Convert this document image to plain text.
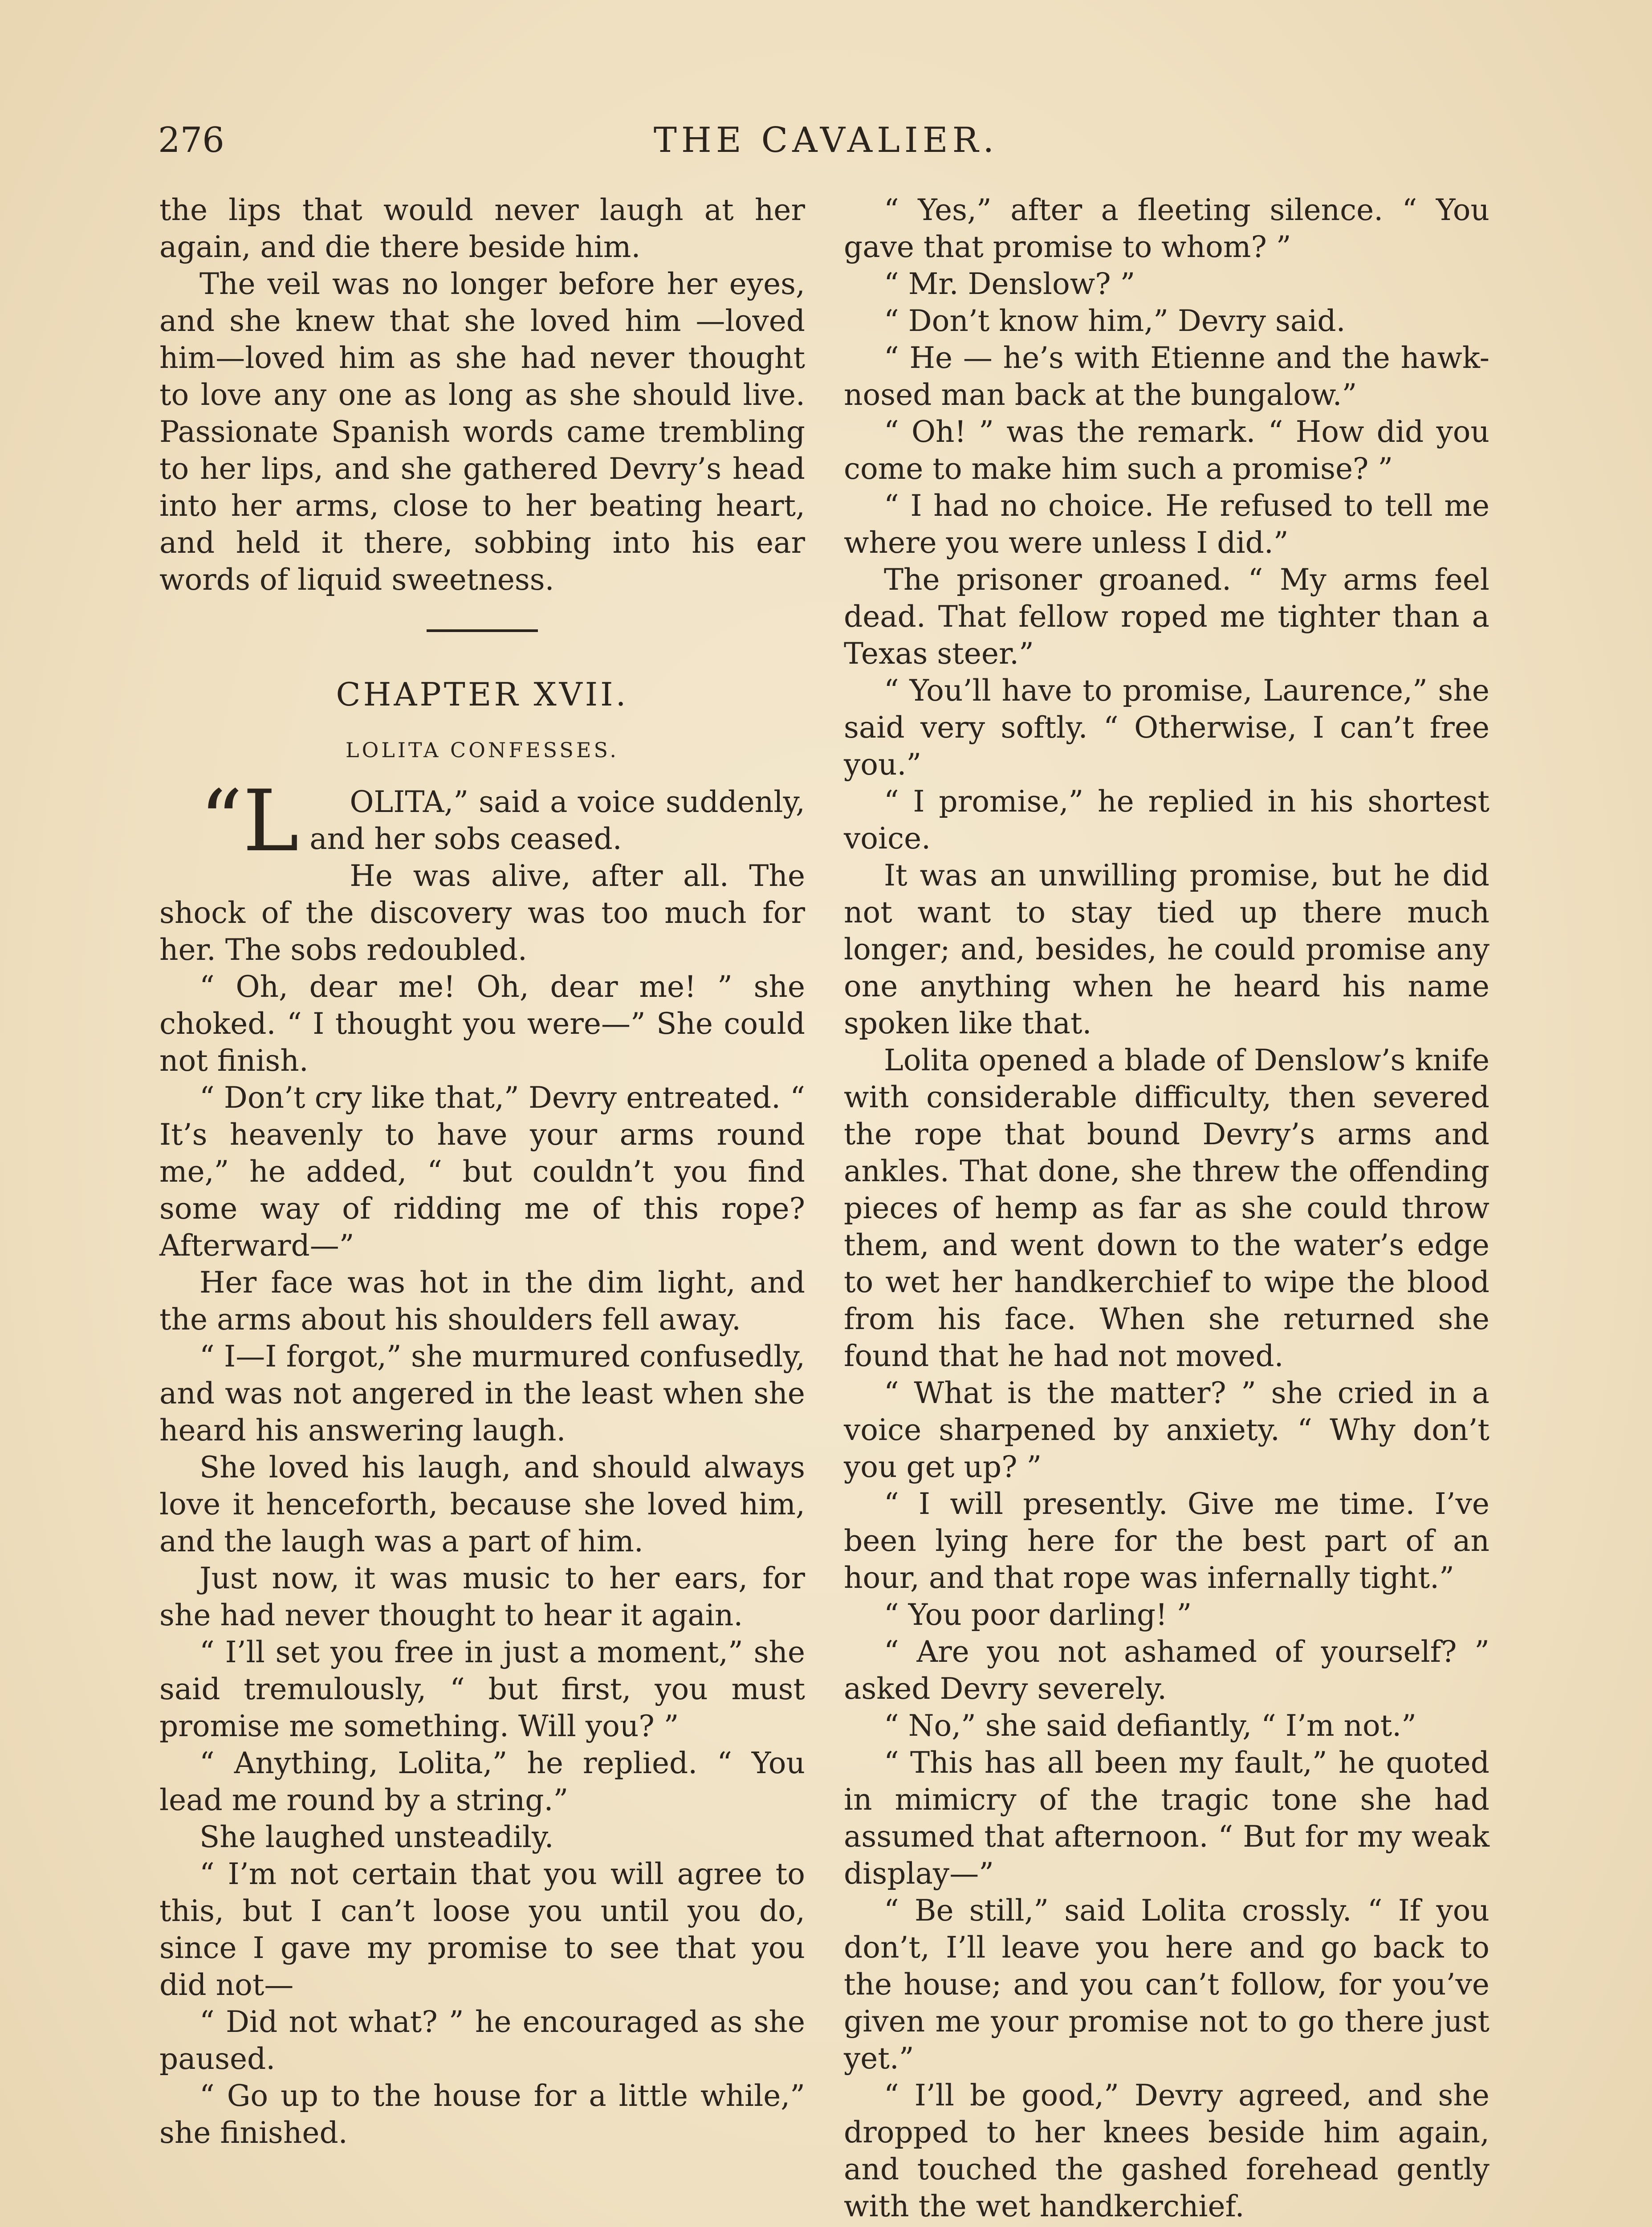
276	THE CAVALIER.

the lips that would never laugh at her again, and die there beside him.

The veil was no longer before her eyes, and she knew that she loved him —loved him—loved him as she had never thought to love any one as long as she should live. Passionate Spanish words came trembling to her lips, and she gathered Devry’s head into her arms, close to her beating heart, and held it there, sobbing into his ear words of liquid sweetness.

CHAPTER XVII.
LOLITA CONFESSES.

“L	OLITA,” said a voice suddenly, and her sobs ceased.

He was alive, after all. The shock of the discovery was too much for her. The sobs redoubled.

“ Oh, dear me! Oh, dear me! ” she choked. “ I thought you were—” She could not finish.

“ Don’t cry like that,” Devry entreated. “ It’s heavenly to have your arms round me,” he added, “ but couldn’t you find some way of ridding me of this rope? Afterward—”

Her face was hot in the dim light, and the arms about his shoulders fell away.

“ I—I forgot,” she murmured confusedly, and was not angered in the least when she heard his answering laugh.

She loved his laugh, and should always love it henceforth, because she loved him, and the laugh was a part of him.

Just now, it was music to her ears, for she had never thought to hear it again.

“ I’ll set you free in just a moment,” she said tremulously, “ but first, you must promise me something. Will you? ”

“ Anything, Lolita,” he replied. “ You lead me round by a string.”

She laughed unsteadily.

“ I’m not certain that you will agree to this, but I can’t loose you until you do, since I gave my promise to see that you did not—

“ Did not what? ” he encouraged as she paused.

“ Go up to the house for a little while,” she finished.

“ Yes,” after a fleeting silence. “ You gave that promise to whom? ”

“ Mr. Denslow? ”

“ Don’t know him,” Devry said.

“ He — he’s with Etienne and the hawk-nosed man back at the bungalow.”

“ Oh! ” was the remark. “ How did you come to make him such a promise? ”

“ I had no choice. He refused to tell me where you were unless I did.”

The prisoner groaned. “ My arms feel dead. That fellow roped me tighter than a Texas steer.”

“ You’ll have to promise, Laurence,” she said very softly. “ Otherwise, I can’t free you.”

“ I promise,” he replied in his shortest voice.

It was an unwilling promise, but he did not want to stay tied up there much longer; and, besides, he could promise any one anything when he heard his name spoken like that.

Lolita opened a blade of Denslow’s knife with considerable difficulty, then severed the rope that bound Devry’s arms and ankles. That done, she threw the offending pieces of hemp as far as she could throw them, and went down to the water’s edge to wet her handkerchief to wipe the blood from his face. When she returned she found that he had not moved.

“ What is the matter? ” she cried in a voice sharpened by anxiety. “ Why don’t you get up? ”

“ I will presently. Give me time. I’ve been lying here for the best part of an hour, and that rope was infernally tight.”

“ You poor darling! ”

“ Are you not ashamed of yourself? ” asked Devry severely.

“ No,” she said defiantly, “ I’m not.”

“ This has all been my fault,” he quoted in mimicry of the tragic tone she had assumed that afternoon. “ But for my weak display—”

“ Be still,” said Lolita crossly. “ If you don’t, I’ll leave you here and go back to the house; and you can’t follow, for you’ve given me your promise not to go there just yet.”

“ I’ll be good,” Devry agreed, and she dropped to her knees beside him again, and touched the gashed forehead gently with the wet handkerchief.
